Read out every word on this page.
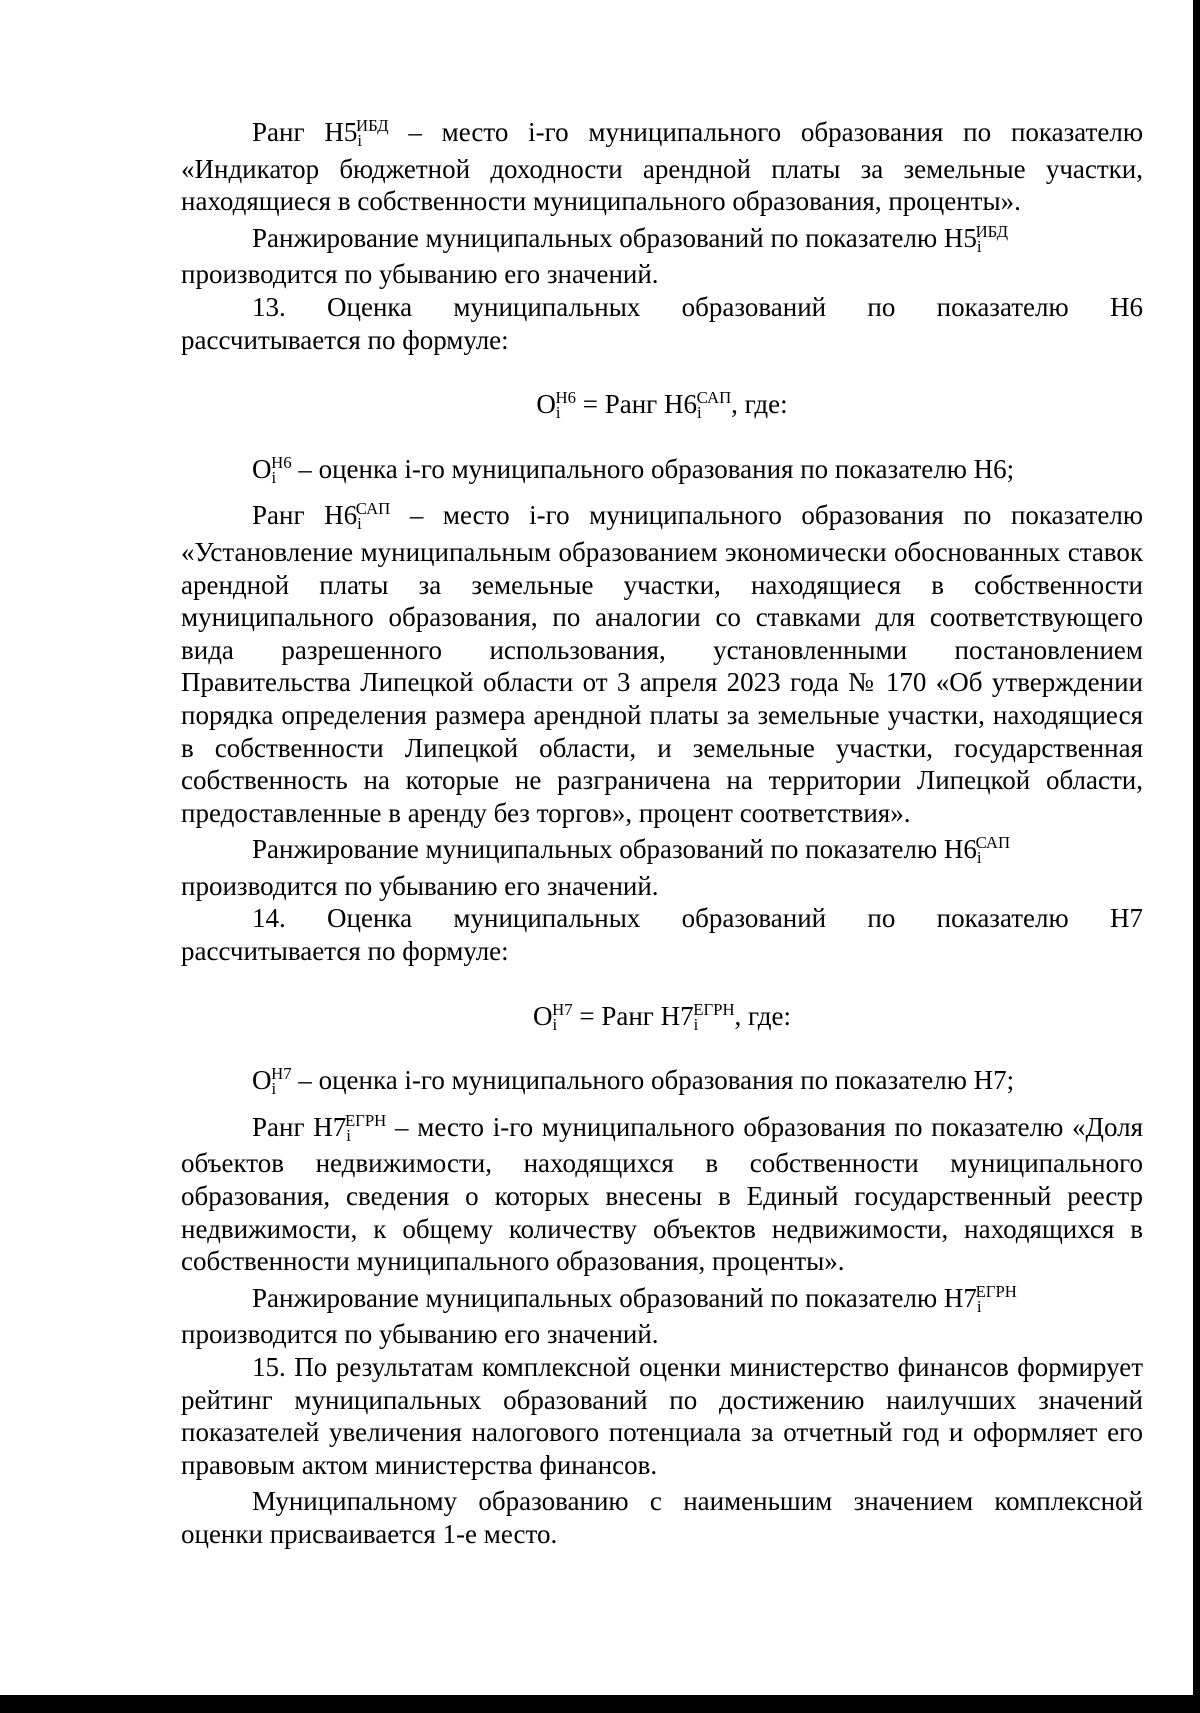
Ранг $Н5i^{ИБД}$ – место i-го муниципального образования по показателю «Индикатор бюджетной доходности арендной платы за земельные участки, находящиеся в собственности муниципального образования, проценты».

Ранжирование муниципальных образований по показателю $Н5i^{ИБД}$

производится по убыванию его значений.

13. Оценка муниципальных образований по показателю Н6

рассчитывается по формуле:

$Oi^{Н6}$ = Ранг $Н6i^{САП}$, где:

$Oi^{Н6}$ – оценка i-го муниципального образования по показателю Н6;

Ранг $Н6i^{САП}$ – место i-го муниципального образования по показателю «Установление муниципальным образованием экономически обоснованных ставок арендной платы за земельные участки, находящиеся в собственности муниципального образования, по аналогии со ставками для соответствующего вида разрешенного использования, установленными постановлением Правительства Липецкой области от 3 апреля 2023 года № 170 «Об утверждении порядка определения размера арендной платы за земельные участки, находящиеся в собственности Липецкой области, и земельные участки, государственная собственность на которые не разграничена на территории Липецкой области, предоставленные в аренду без торгов», процент соответствия».

Ранжирование муниципальных образований по показателю $Н6i^{САП}$

производится по убыванию его значений.

14. Оценка муниципальных образований по показателю Н7

рассчитывается по формуле:

$Oi^{Н7}$ = Ранг $Н7i^{ЕГРН}$, где:

$Oi^{Н7}$ – оценка i-го муниципального образования по показателю Н7;

Ранг $Н7i^{ЕГРН}$ – место i-го муниципального образования по показателю «Доля объектов недвижимости, находящихся в собственности муниципального образования, сведения о которых внесены в Единый государственный реестр недвижимости, к общему количеству объектов недвижимости, находящихся в собственности муниципального образования, проценты».

Ранжирование муниципальных образований по показателю $Н7i^{ЕГРН}$

производится по убыванию его значений.

15. По результатам комплексной оценки министерство финансов формирует рейтинг муниципальных образований по достижению наилучших значений показателей увеличения налогового потенциала за отчетный год и оформляет его правовым актом министерства финансов.

Муниципальному образованию с наименьшим значением комплексной оценки присваивается 1-е место.
